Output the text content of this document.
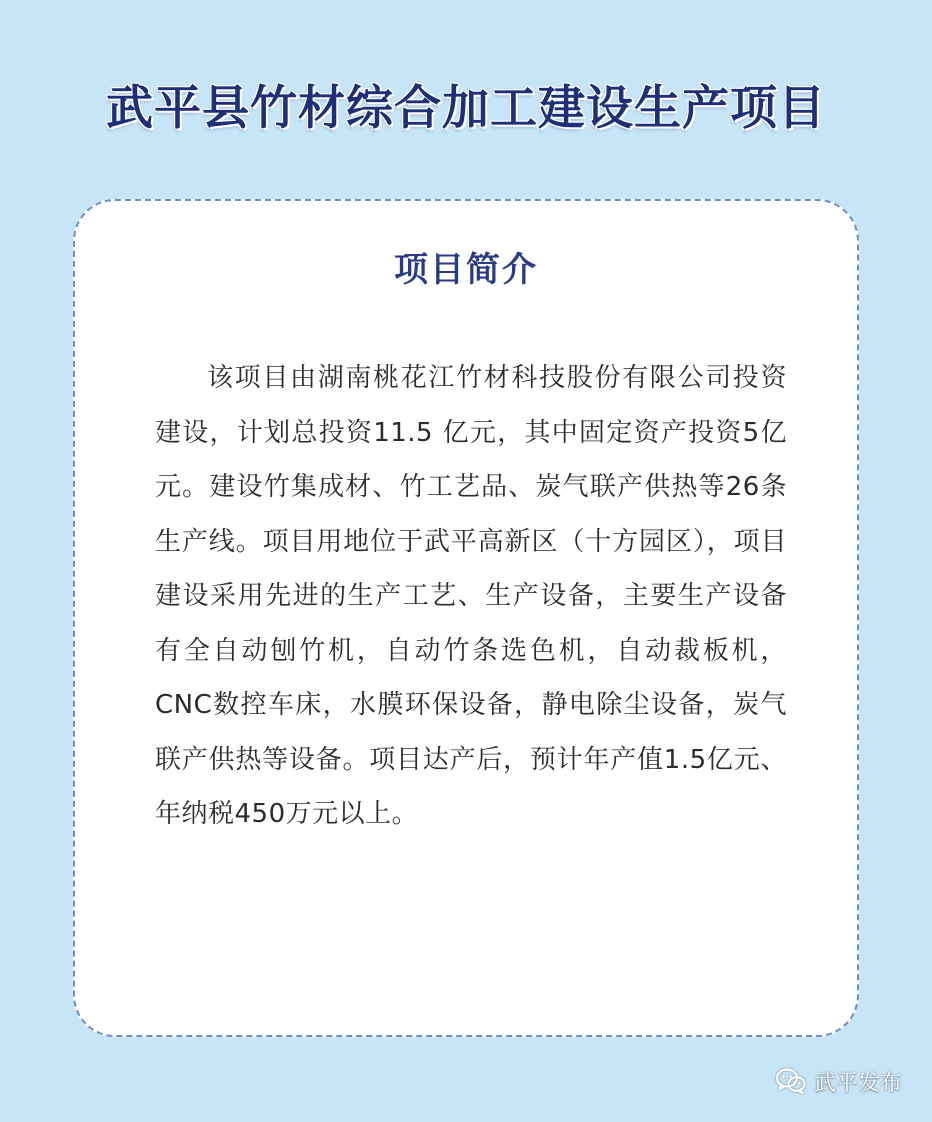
武平县竹材综合加工建设生产项目
项目简介

该项目由湖南桃花江竹材科技股份有限公司投资建设，计划总投资11.5 亿元，其中固定资产投资5亿元。建设竹集成材、竹工艺品、炭气联产供热等26条生产线。项目用地位于武平高新区（十方园区），项目建设采用先进的生产工艺、生产设备，主要生产设备有全自动刨竹机，自动竹条选色机，自动裁板机，CNC数控车床，水膜环保设备，静电除尘设备，炭气联产供热等设备。项目达产后，预计年产值1.5亿元、年纳税450万元以上。

武平发布
